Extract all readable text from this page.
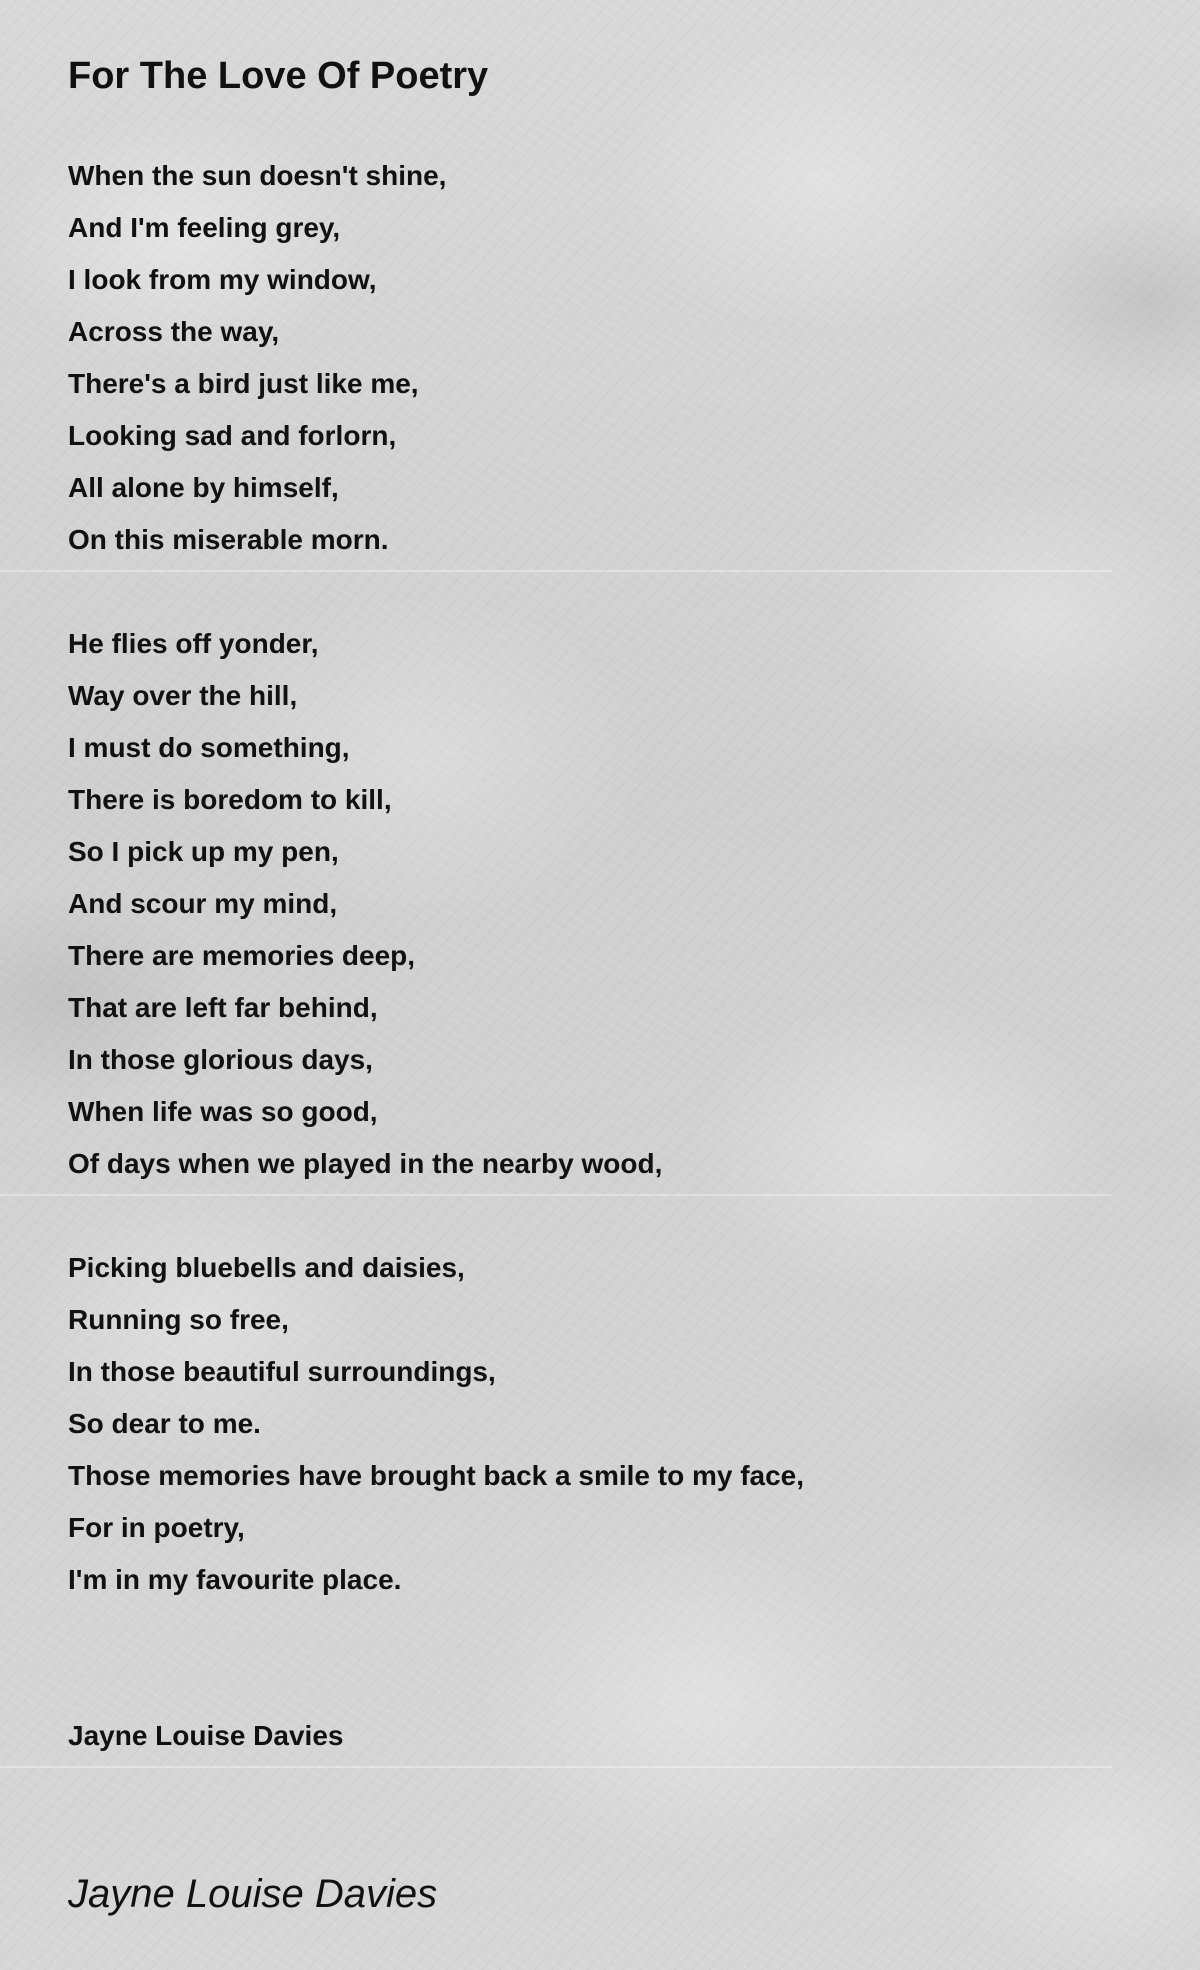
For The Love Of Poetry
When the sun doesn't shine,
And I'm feeling grey,
I look from my window,
Across the way,
There's a bird just like me,
Looking sad and forlorn,
All alone by himself,
On this miserable morn.
He flies off yonder,
Way over the hill,
I must do something,
There is boredom to kill,
So I pick up my pen,
And scour my mind,
There are memories deep,
That are left far behind,
In those glorious days,
When life was so good,
Of days when we played in the nearby wood,
Picking bluebells and daisies,
Running so free,
In those beautiful surroundings,
So dear to me.
Those memories have brought back a smile to my face,
For in poetry,
I'm in my favourite place.
Jayne Louise Davies
Jayne Louise Davies
